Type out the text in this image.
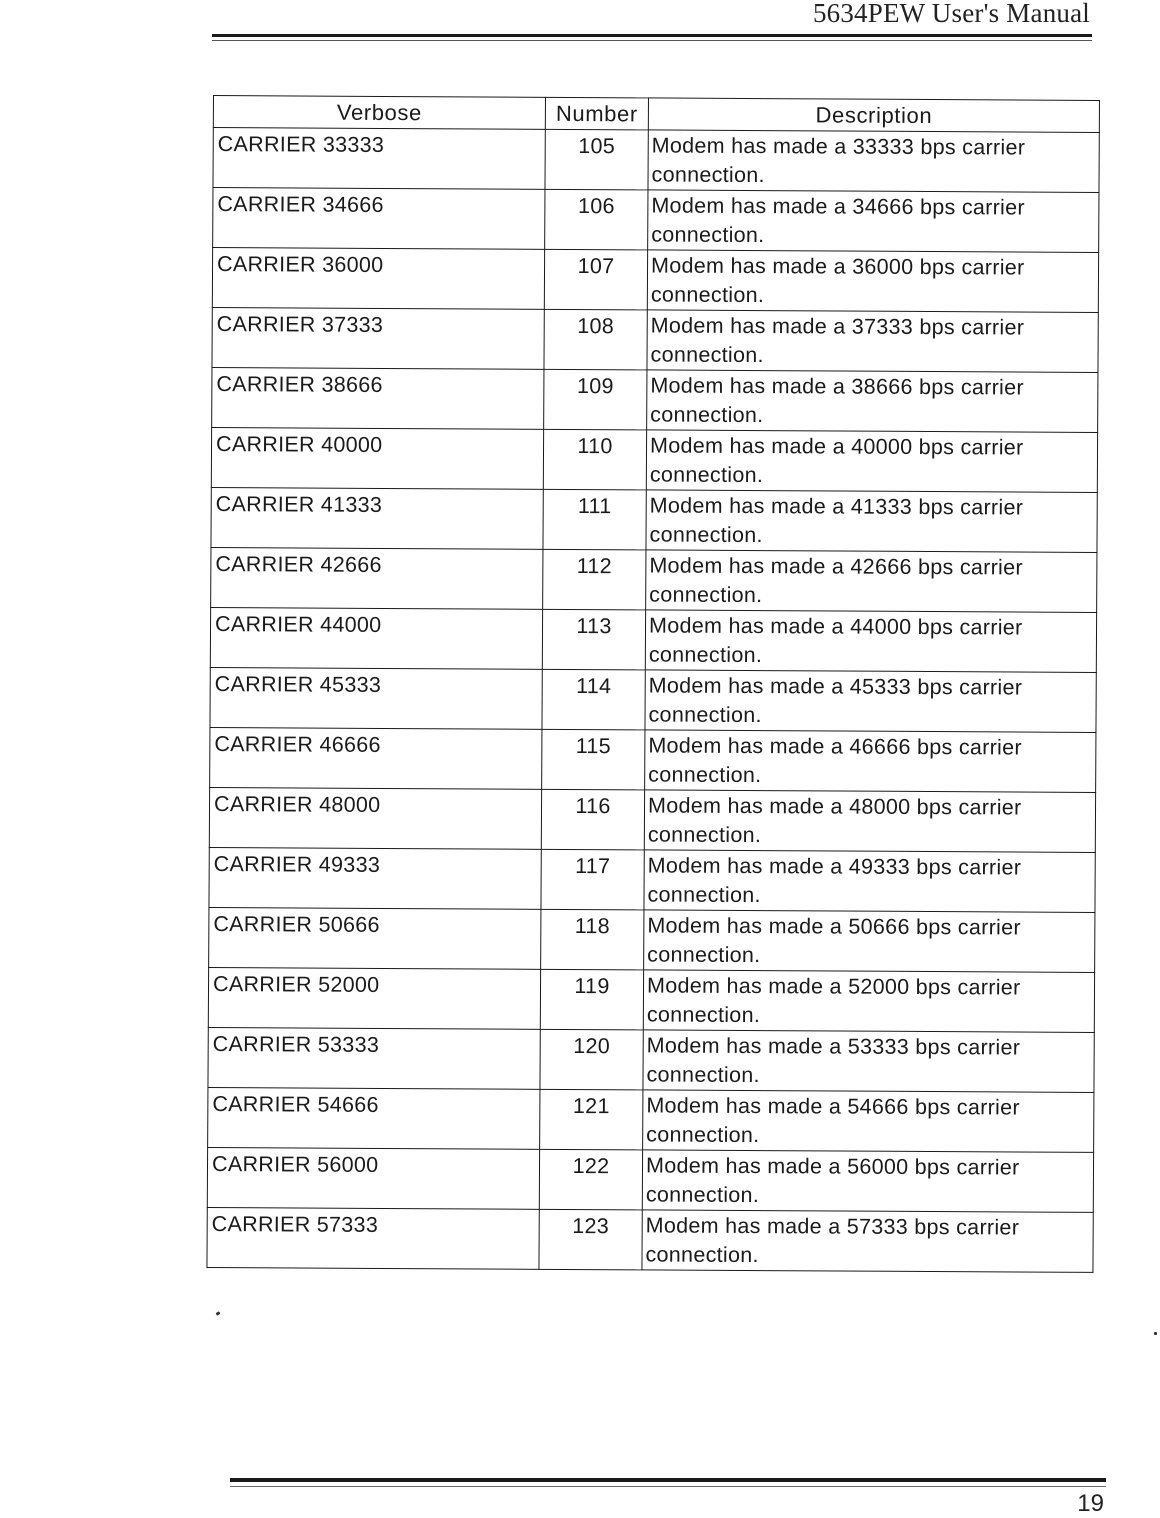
5634PEW User's Manual
Verbose	Number	Description
CARRIER 33333	105	Modem has made a 33333 bps carrier connection.
CARRIER 34666	106	Modem has made a 34666 bps carrier connection.
CARRIER 36000	107	Modem has made a 36000 bps carrier connection.
CARRIER 37333	108	Modem has made a 37333 bps carrier connection.
CARRIER 38666	109	Modem has made a 38666 bps carrier connection.
CARRIER 40000	110	Modem has made a 40000 bps carrier connection.
CARRIER 41333	111	Modem has made a 41333 bps carrier connection.
CARRIER 42666	112	Modem has made a 42666 bps carrier connection.
CARRIER 44000	113	Modem has made a 44000 bps carrier connection.
CARRIER 45333	114	Modem has made a 45333 bps carrier connection.
CARRIER 46666	115	Modem has made a 46666 bps carrier connection.
CARRIER 48000	116	Modem has made a 48000 bps carrier connection.
CARRIER 49333	117	Modem has made a 49333 bps carrier connection.
CARRIER 50666	118	Modem has made a 50666 bps carrier connection.
CARRIER 52000	119	Modem has made a 52000 bps carrier connection.
CARRIER 53333	120	Modem has made a 53333 bps carrier connection.
CARRIER 54666	121	Modem has made a 54666 bps carrier connection.
CARRIER 56000	122	Modem has made a 56000 bps carrier connection.
CARRIER 57333	123	Modem has made a 57333 bps carrier connection.
19
